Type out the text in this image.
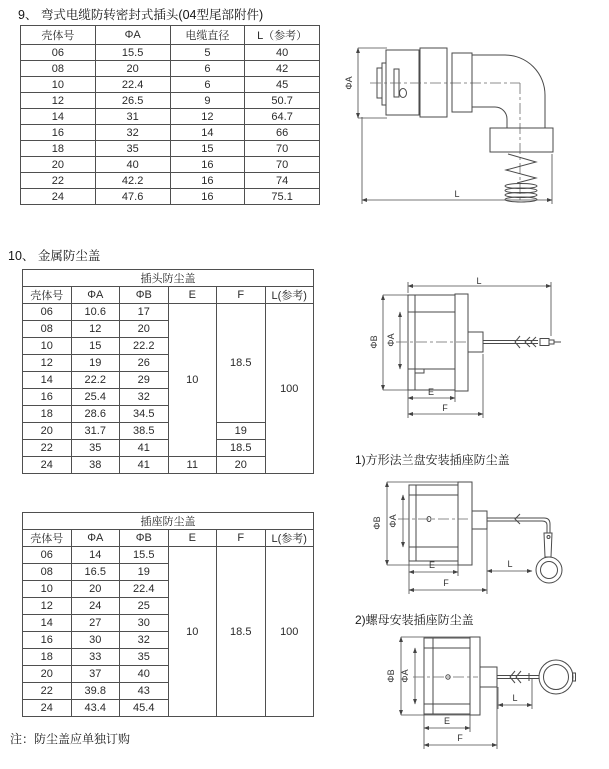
9、 弯式电缆防转密封式插头(04型尾部附件)
壳体号	ΦA	电缆直径	L（参考）
06	15.5	5	40
08	20	6	42
10	22.4	6	45
12	26.5	9	50.7
14	31	12	64.7
16	32	14	66
18	35	15	70
20	40	16	70
22	42.2	16	74
24	47.6	16	75.1
10、 金属防尘盖
插头防尘盖					
壳体号	ΦA	ΦB	E	F	L(参考)
06	10.6	17	10	18.5	100
08	12	20			
10	15	22.2			
12	19	26			
14	22.2	29			
16	25.4	32			
18	28.6	34.5			
20	31.7	38.5		19	
22	35	41		18.5	
24	38	41	11	20	
插座防尘盖					
壳体号	ΦA	ΦB	E	F	L(参考)
06	14	15.5	10	18.5	100
08	16.5	19			
10	20	22.4			
12	24	25			
14	27	30			
16	30	32			
18	33	35			
20	37	40			
22	39.8	43			
24	43.4	45.4			
注：防尘盖应单独订购
ΦA
L
L
ΦB ΦA
E
F
1)方形法兰盘安装插座防尘盖
ΦB ΦA
L
E
F
2)螺母安装插座防尘盖
ΦB ΦA
L
E
F
